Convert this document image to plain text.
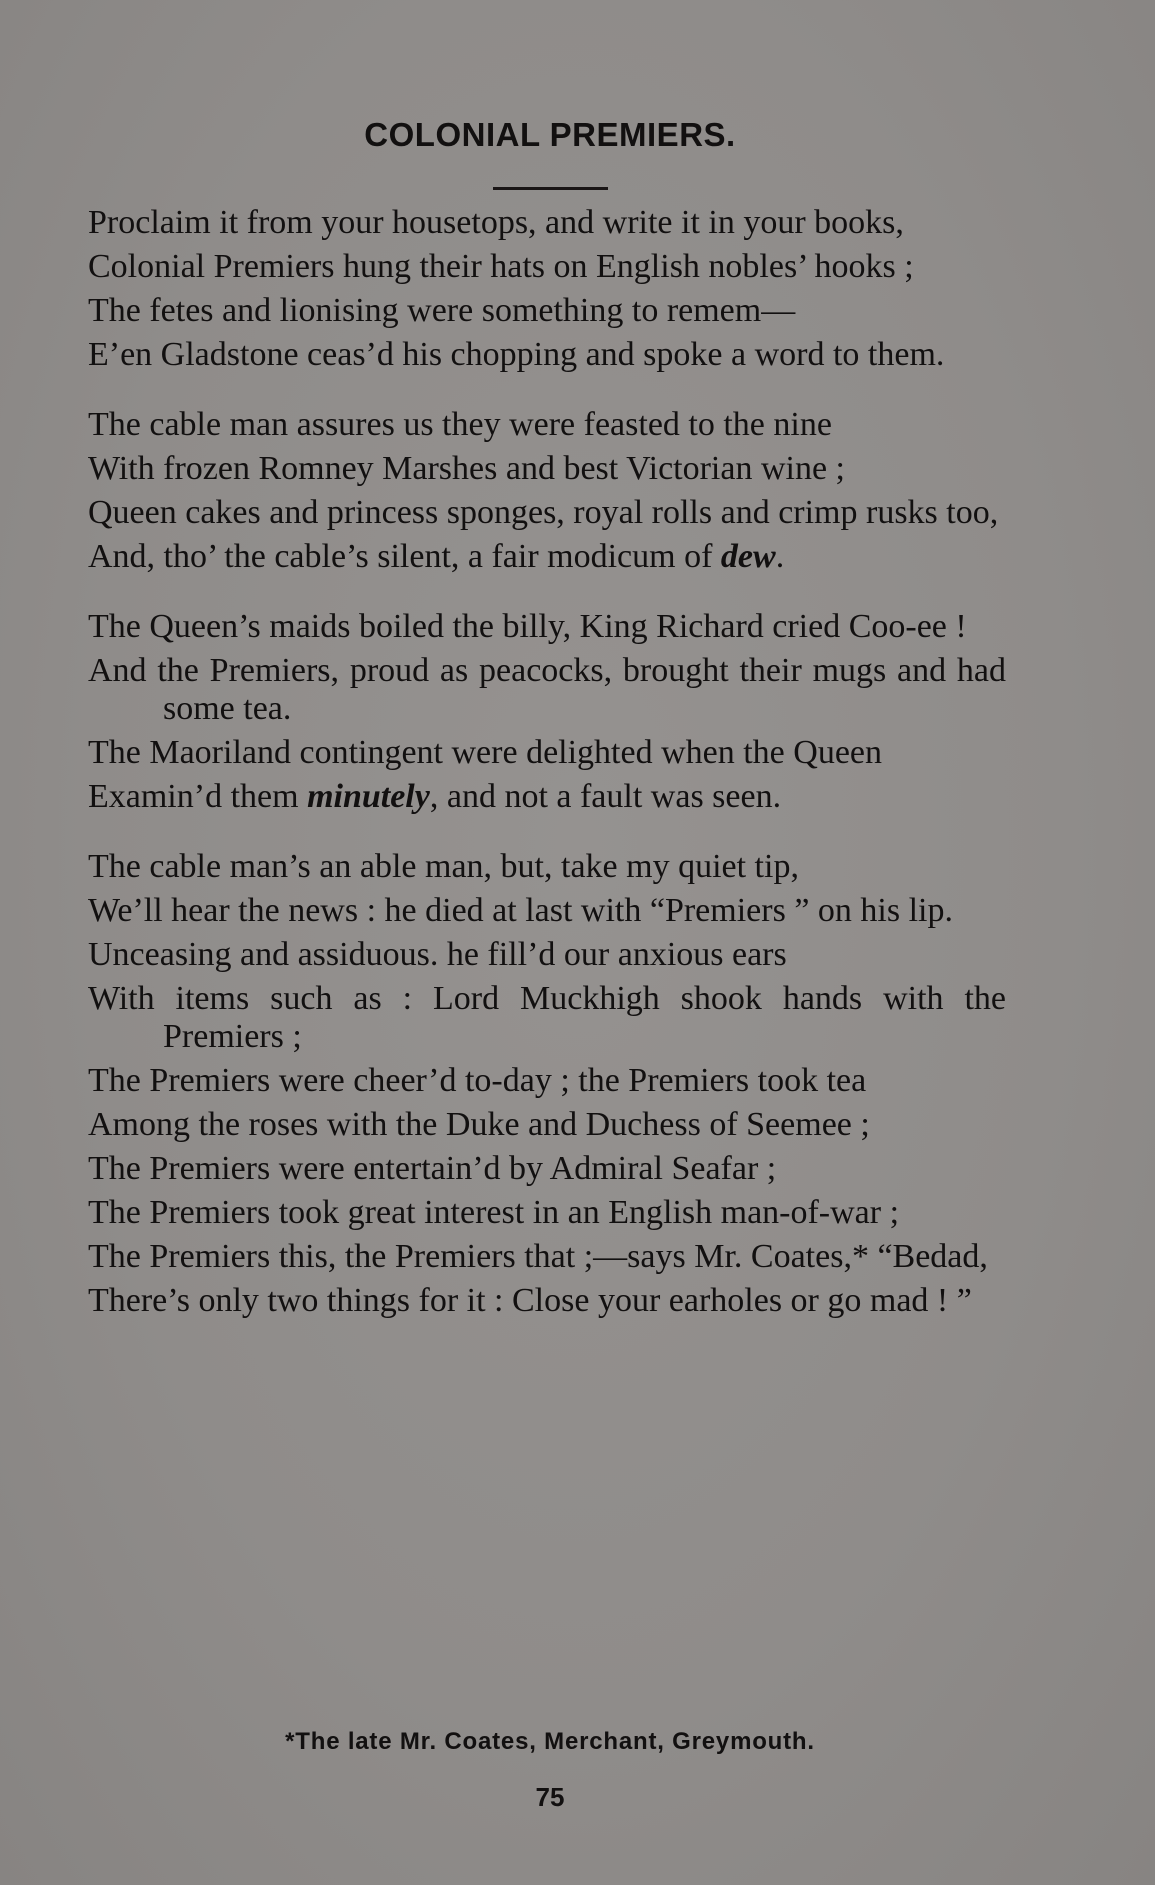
COLONIAL PREMIERS.

Proclaim it from your housetops, and write it in your books,

Colonial Premiers hung their hats on English nobles’ hooks ;

The fetes and lionising were something to remem—

E’en Gladstone ceas’d his chopping and spoke a word to them.

The cable man assures us they were feasted to the nine

With frozen Romney Marshes and best Victorian wine ;

Queen cakes and princess sponges, royal rolls and crimp rusks too,

And, tho’ the cable’s silent, a fair modicum of dew.

The Queen’s maids boiled the billy, King Richard cried Coo-ee !

And the Premiers, proud as peacocks, brought their mugs and had some tea.

The Maoriland contingent were delighted when the Queen

Examin’d them minutely, and not a fault was seen.

The cable man’s an able man, but, take my quiet tip,

We’ll hear the news : he died at last with “Premiers ” on his lip.

Unceasing and assiduous. he fill’d our anxious ears

With items such as : Lord Muckhigh shook hands with the Premiers ;

The Premiers were cheer’d to-day ; the Premiers took tea

Among the roses with the Duke and Duchess of Seemee ;

The Premiers were entertain’d by Admiral Seafar ;

The Premiers took great interest in an English man-of-war ;

The Premiers this, the Premiers that ;—says Mr. Coates,* “Bedad,

There’s only two things for it : Close your earholes or go mad ! ”

*The late Mr. Coates, Merchant, Greymouth.
75
